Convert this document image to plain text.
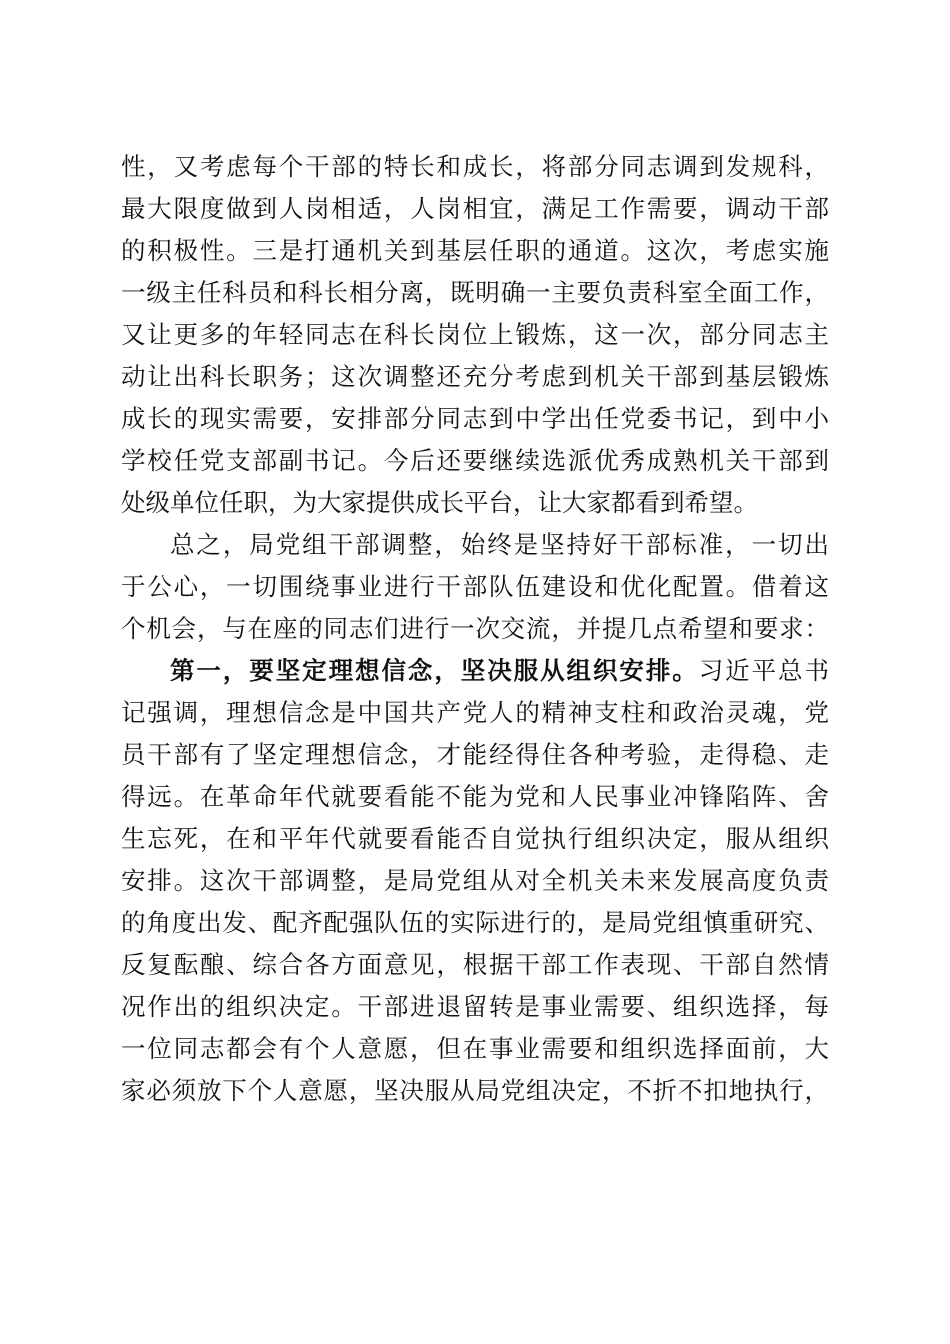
性，又考虑每个干部的特长和成长，将部分同志调到发规科，
最大限度做到人岗相适，人岗相宜，满足工作需要，调动干部
的积极性。三是打通机关到基层任职的通道。这次，考虑实施
一级主任科员和科长相分离，既明确一主要负责科室全面工作，
又让更多的年轻同志在科长岗位上锻炼，这一次，部分同志主
动让出科长职务；这次调整还充分考虑到机关干部到基层锻炼
成长的现实需要，安排部分同志到中学出任党委书记，到中小
学校任党支部副书记。今后还要继续选派优秀成熟机关干部到
处级单位任职，为大家提供成长平台，让大家都看到希望。
总之，局党组干部调整，始终是坚持好干部标准，一切出
于公心，一切围绕事业进行干部队伍建设和优化配置。借着这
个机会，与在座的同志们进行一次交流，并提几点希望和要求：
第一，要坚定理想信念，坚决服从组织安排。习近平总书
记强调，理想信念是中国共产党人的精神支柱和政治灵魂，党
员干部有了坚定理想信念，才能经得住各种考验，走得稳、走
得远。在革命年代就要看能不能为党和人民事业冲锋陷阵、舍
生忘死，在和平年代就要看能否自觉执行组织决定，服从组织
安排。这次干部调整，是局党组从对全机关未来发展高度负责
的角度出发、配齐配强队伍的实际进行的，是局党组慎重研究、
反复酝酿、综合各方面意见，根据干部工作表现、干部自然情
况作出的组织决定。干部进退留转是事业需要、组织选择，每
一位同志都会有个人意愿，但在事业需要和组织选择面前，大
家必须放下个人意愿，坚决服从局党组决定，不折不扣地执行，
